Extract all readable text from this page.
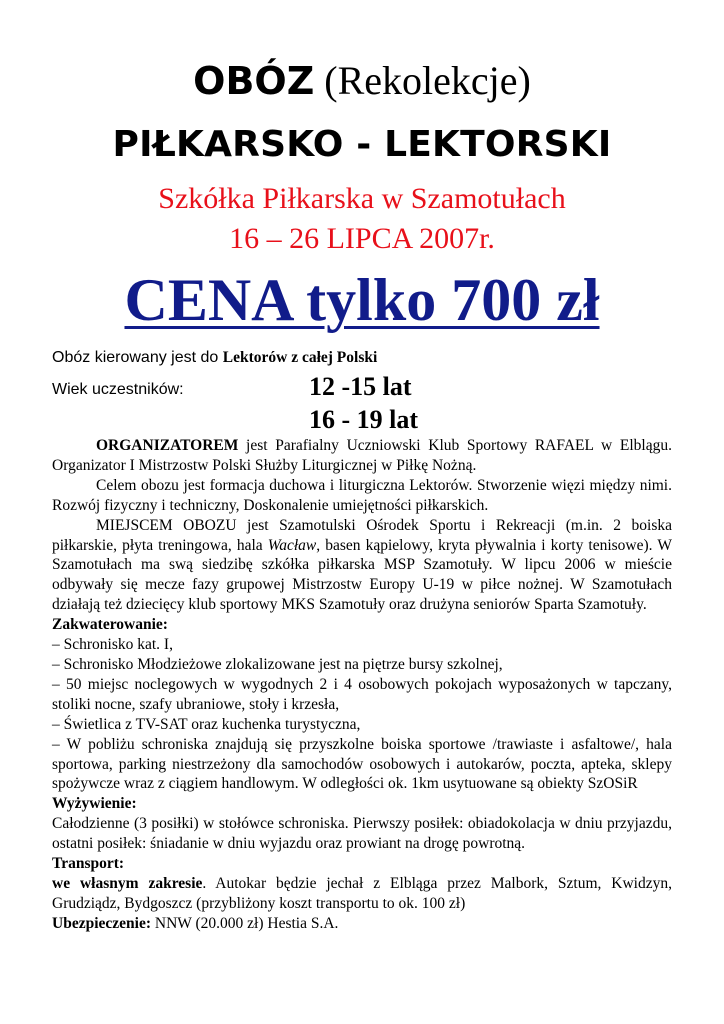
OBÓZ (Rekolekcje)
PIŁKARSKO - LEKTORSKI
Szkółka Piłkarska w Szamotułach
16 – 26 LIPCA 2007r.
CENA tylko 700 zł
Obóz kierowany jest do Lektorów z całej Polski
Wiek uczestników:	12 -15 lat
16 - 19 lat

ORGANIZATOREM jest Parafialny Uczniowski Klub Sportowy RAFAEL w Elblągu. Organizator I Mistrzostw Polski Służby Liturgicznej w Piłkę Nożną.

Celem obozu jest formacja duchowa i liturgiczna Lektorów. Stworzenie więzi między nimi. Rozwój fizyczny i techniczny, Doskonalenie umiejętności piłkarskich.

MIEJSCEM OBOZU jest Szamotulski Ośrodek Sportu i Rekreacji (m.in. 2 boiska piłkarskie, płyta treningowa, hala Wacław, basen kąpielowy, kryta pływalnia i korty tenisowe). W Szamotułach ma swą siedzibę szkółka piłkarska MSP Szamotuły. W lipcu 2006 w mieście odbywały się mecze fazy grupowej Mistrzostw Europy U-19 w piłce nożnej. W Szamotułach działają też dziecięcy klub sportowy MKS Szamotuły oraz drużyna seniorów Sparta Szamotuły.

Zakwaterowanie:

– Schronisko kat. I,

– Schronisko Młodzieżowe zlokalizowane jest na piętrze bursy szkolnej,

– 50 miejsc noclegowych w wygodnych 2 i 4 osobowych pokojach wyposażonych w tapczany, stoliki nocne, szafy ubraniowe, stoły i krzesła,

– Świetlica z TV-SAT oraz kuchenka turystyczna,

– W pobliżu schroniska znajdują się przyszkolne boiska sportowe /trawiaste i asfaltowe/, hala sportowa, parking niestrzeżony dla samochodów osobowych i autokarów, poczta, apteka, sklepy spożywcze wraz z ciągiem handlowym. W odległości ok. 1km usytuowane są obiekty SzOSiR

Wyżywienie:

Całodzienne (3 posiłki) w stołówce schroniska. Pierwszy posiłek: obiadokolacja w dniu przyjazdu, ostatni posiłek: śniadanie w dniu wyjazdu oraz prowiant na drogę powrotną.

Transport:

we własnym zakresie. Autokar będzie jechał z Elbląga przez Malbork, Sztum, Kwidzyn, Grudziądz, Bydgoszcz (przybliżony koszt transportu to ok. 100 zł)

Ubezpieczenie: NNW (20.000 zł) Hestia S.A.
